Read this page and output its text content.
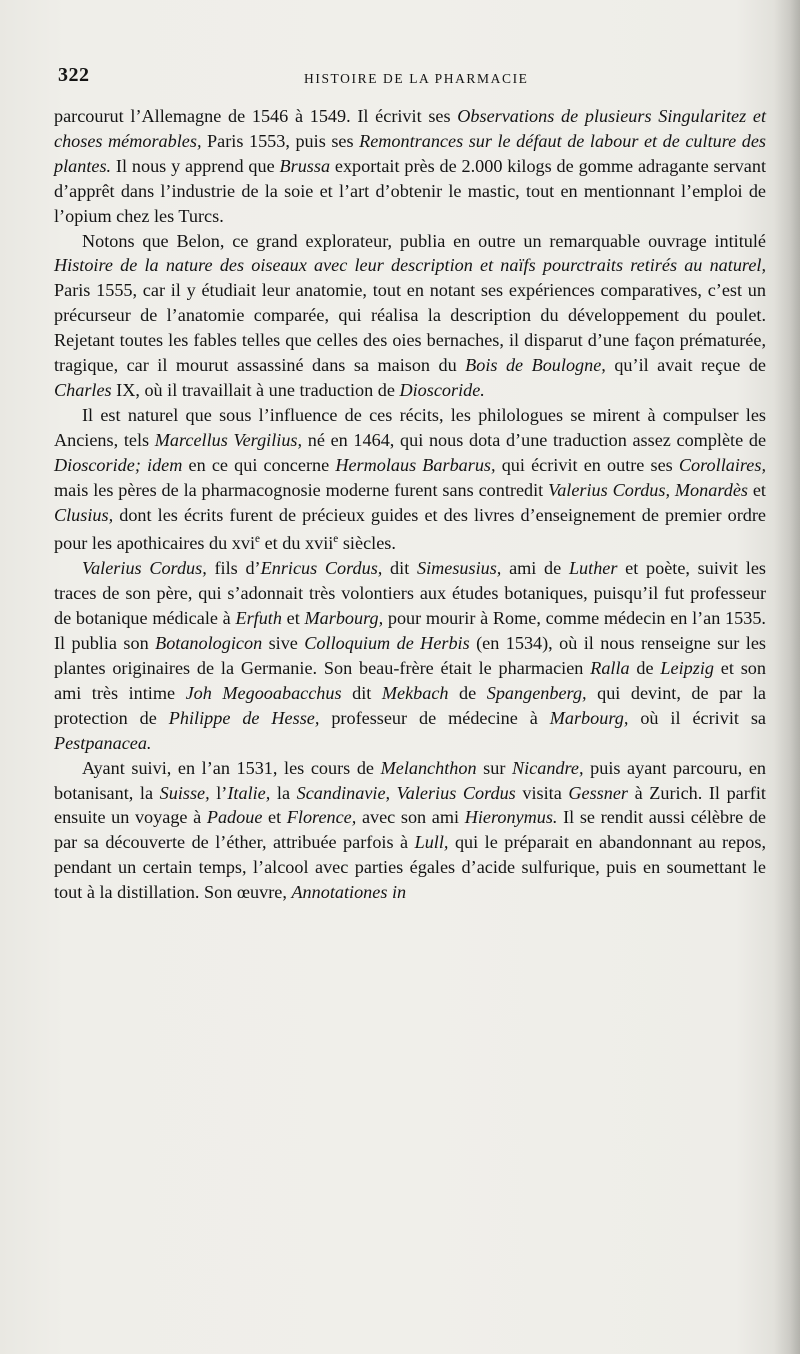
322	HISTOIRE DE LA PHARMACIE

parcourut l’Allemagne de 1546 à 1549. Il écrivit ses Observations de plusieurs Singularitez et choses mémorables, Paris 1553, puis ses Remontrances sur le défaut de labour et de culture des plantes. Il nous y apprend que Brussa exportait près de 2.000 kilogs de gomme adragante servant d’apprêt dans l’industrie de la soie et l’art d’obtenir le mastic, tout en mentionnant l’emploi de l’opium chez les Turcs.

Notons que Belon, ce grand explorateur, publia en outre un remarquable ouvrage intitulé Histoire de la nature des oiseaux avec leur description et naïfs pourctraits retirés au naturel, Paris 1555, car il y étudiait leur anatomie, tout en notant ses expériences comparatives, c’est un précurseur de l’anatomie comparée, qui réalisa la description du développement du poulet. Rejetant toutes les fables telles que celles des oies bernaches, il disparut d’une façon prématurée, tragique, car il mourut assassiné dans sa maison du Bois de Boulogne, qu’il avait reçue de Charles IX, où il travaillait à une traduction de Dioscoride.

Il est naturel que sous l’influence de ces récits, les philologues se mirent à compulser les Anciens, tels Marcellus Vergilius, né en 1464, qui nous dota d’une traduction assez complète de Dioscoride; idem en ce qui concerne Hermolaus Barbarus, qui écrivit en outre ses Corollaires, mais les pères de la pharmacognosie moderne furent sans contredit Valerius Cordus, Monardès et Clusius, dont les écrits furent de précieux guides et des livres d’enseignement de premier ordre pour les apothicaires du xvi$^e$ et du xvii$^e$ siècles.

Valerius Cordus, fils d’Enricus Cordus, dit Simesusius, ami de Luther et poète, suivit les traces de son père, qui s’adonnait très volontiers aux études botaniques, puisqu’il fut professeur de botanique médicale à Erfuth et Marbourg, pour mourir à Rome, comme médecin en l’an 1535. Il publia son Botanologicon sive Colloquium de Herbis (en 1534), où il nous renseigne sur les plantes originaires de la Germanie. Son beau-frère était le pharmacien Ralla de Leipzig et son ami très intime Joh Megooabacchus dit Mekbach de Spangenberg, qui devint, de par la protection de Philippe de Hesse, professeur de médecine à Marbourg, où il écrivit sa Pestpanacea.

Ayant suivi, en l’an 1531, les cours de Melanchthon sur Nicandre, puis ayant parcouru, en botanisant, la Suisse, l’Italie, la Scandinavie, Valerius Cordus visita Gessner à Zurich. Il parfit ensuite un voyage à Padoue et Florence, avec son ami Hieronymus. Il se rendit aussi célèbre de par sa découverte de l’éther, attribuée parfois à Lull, qui le préparait en abandonnant au repos, pendant un certain temps, l’alcool avec parties égales d’acide sulfurique, puis en soumettant le tout à la distillation. Son œuvre, Annotationes in
